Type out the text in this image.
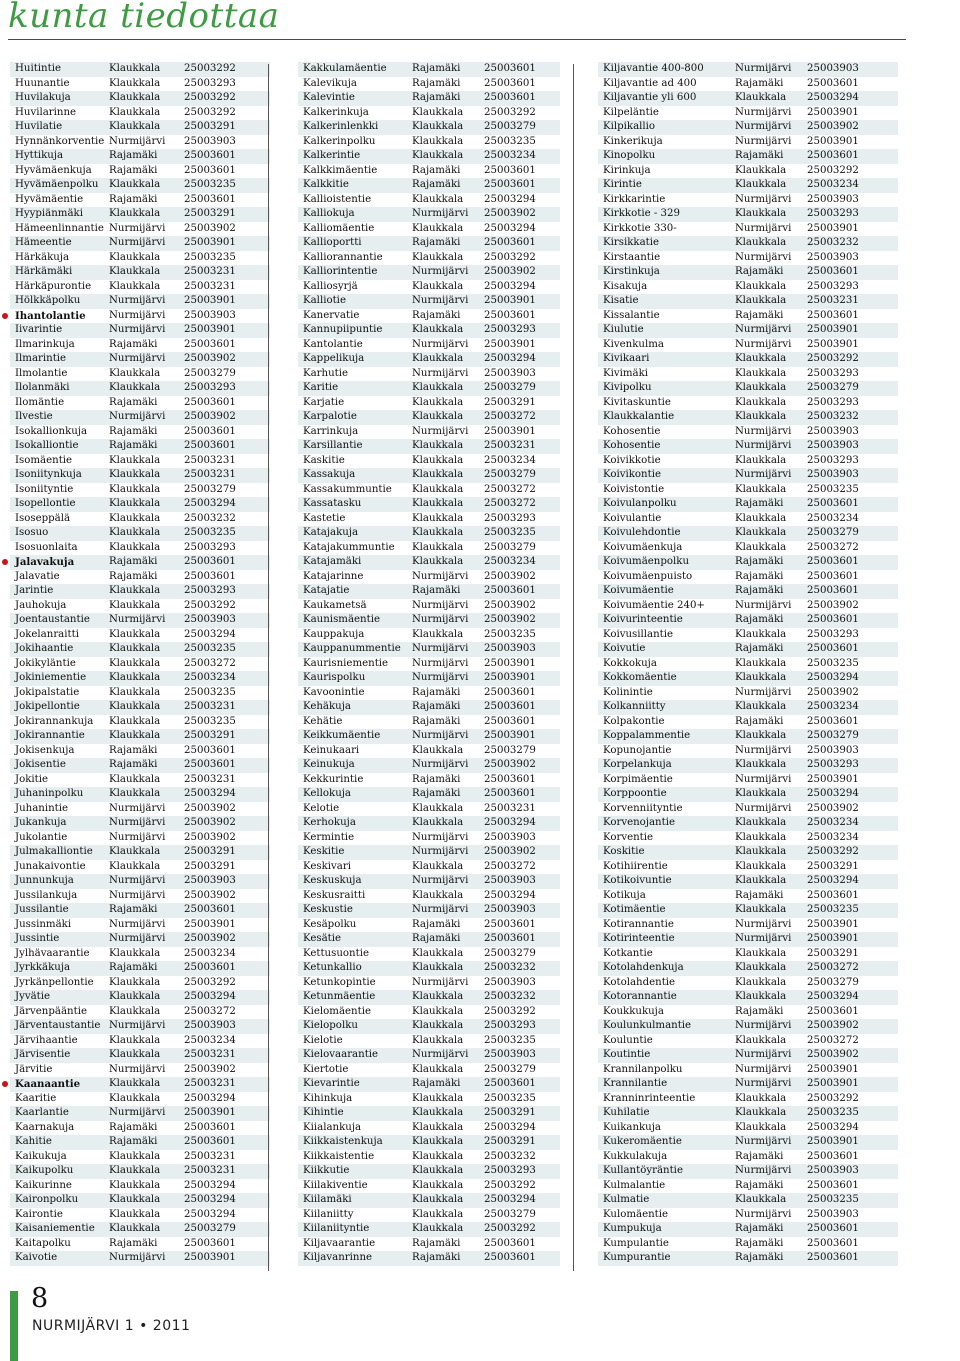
kunta tiedottaa
Huitintie	Klaukkala 25003292
Huunantie	Klaukkala 25003293
Huvilakuja	Klaukkala 25003292
Huvilarinne	Klaukkala 25003292
Huvilatie	Klaukkala 25003291
Hynnänkorventie Nurmijärvi 25003903
Hyttikuja	Rajamäki	25003601
Hyvämäenkuja Rajamäki	25003601
Hyvämäenpolku Klaukkala 25003235
Hyvämäentie	Rajamäki	25003601
Hyypiänmäki	Klaukkala 25003291
Hämeenlinnantie Nurmijärvi 25003902
Hämeentie	Nurmijärvi 25003901
Härkäkuja	Klaukkala 25003235
Härkämäki	Klaukkala 25003231
Härkäpurontie Klaukkala 25003231
Hölkkäpolku	Nurmijärvi 25003901
Ihantolantie Nurmijärvi 25003903
Iivarintie	Nurmijärvi 25003901
Ilmarinkuja	Rajamäki	25003601
Ilmarintie	Nurmijärvi 25003902
Ilmolantie	Klaukkala 25003279
Ilolanmäki	Klaukkala 25003293
Ilomäntie	Rajamäki	25003601
Ilvestie	Nurmijärvi 25003902
Isokallionkuja Rajamäki	25003601
Isokalliontie	Rajamäki	25003601
Isomäentie	Klaukkala 25003231
Isoniitynkuja	Klaukkala 25003231
Isoniityntie	Klaukkala 25003279
Isopellontie	Klaukkala 25003294
Isoseppälä	Klaukkala 25003232
Isosuo	Klaukkala 25003235
Isosuonlaita	Klaukkala 25003293
Jalavakuja	Rajamäki	25003601
Jalavatie	Rajamäki	25003601
Jarintie	Klaukkala 25003293
Jauhokuja	Klaukkala 25003292
Joentaustantie Nurmijärvi 25003903
Jokelanraitti	Klaukkala 25003294
Jokihaantie	Klaukkala 25003235
Jokikyläntie	Klaukkala 25003272
Jokiniementie Klaukkala 25003234
Jokipalstatie	Klaukkala 25003235
Jokipellontie	Klaukkala 25003231
Jokirannankuja Klaukkala 25003235
Jokirannantie Klaukkala 25003291
Jokisenkuja	Rajamäki	25003601
Jokisentie	Rajamäki	25003601
Jokitie	Klaukkala 25003231
Juhaninpolku	Klaukkala 25003294
Juhanintie	Nurmijärvi 25003902
Jukankuja	Nurmijärvi 25003902
Jukolantie	Nurmijärvi 25003902
Julmakalliontie Klaukkala 25003291
Junakaivontie Klaukkala 25003291
Junnunkuja	Nurmijärvi 25003903
Jussilankuja	Nurmijärvi 25003902
Jussilantie	Rajamäki	25003601
Jussinmäki	Nurmijärvi 25003901
Jussintie	Nurmijärvi 25003902
Jylhävaarantie Klaukkala 25003234
Jyrkkäkuja	Rajamäki	25003601
Jyrkänpellontie Klaukkala 25003292
Jyvätie	Klaukkala 25003294
Järvenpääntie Klaukkala 25003272
Järventaustantie Nurmijärvi 25003903
Järvihaantie	Klaukkala 25003234
Järvisentie	Klaukkala 25003231
Järvitie	Nurmijärvi 25003902
Kaanaantie	Klaukkala 25003231
Kaaritie	Klaukkala 25003294
Kaarlantie	Nurmijärvi 25003901
Kaarnakuja	Rajamäki	25003601
Kahitie	Rajamäki	25003601
Kaikukuja	Klaukkala 25003231
Kaikupolku	Klaukkala 25003231
Kaikurinne	Klaukkala 25003294
Kaironpolku	Klaukkala 25003294
Kairontie	Klaukkala 25003294
Kaisaniementie Klaukkala 25003279
Kaitapolku	Rajamäki	25003601
Kaivotie	Nurmijärvi 25003901
Kakkulamäentie Rajamäki 25003601
Kalevikuja	Rajamäki 25003601
Kalevintie	Rajamäki 25003601
Kalkerinkuja	Klaukkala 25003292
Kalkerinlenkki	Klaukkala 25003279
Kalkerinpolku	Klaukkala 25003235
Kalkerintie	Klaukkala 25003234
Kalkkimäentie	Rajamäki 25003601
Kalkkitie	Rajamäki 25003601
Kallioistentie	Klaukkala 25003294
Kalliokuja	Nurmijärvi 25003902
Kalliomäentie	Klaukkala 25003294
Kallioportti	Rajamäki 25003601
Kalliorannantie	Klaukkala 25003292
Kalliorintentie	Nurmijärvi 25003902
Kalliosyrjä	Klaukkala 25003294
Kalliotie	Nurmijärvi 25003901
Kanervatie	Rajamäki 25003601
Kannupiipuntie	Klaukkala 25003293
Kantolantie	Nurmijärvi 25003901
Kappelikuja	Klaukkala 25003294
Karhutie	Nurmijärvi 25003903
Karitie	Klaukkala 25003279
Karjatie	Klaukkala 25003291
Karpalotie	Klaukkala 25003272
Karrinkuja	Nurmijärvi 25003901
Karsillantie	Klaukkala 25003231
Kaskitie	Klaukkala 25003234
Kassakuja	Klaukkala 25003279
Kassakummuntie Klaukkala 25003272
Kassatasku	Klaukkala 25003272
Kastetie	Klaukkala 25003293
Katajakuja	Klaukkala 25003235
Katajakummuntie Klaukkala 25003279
Katajamäki	Klaukkala 25003234
Katajarinne	Nurmijärvi 25003902
Katajatie	Rajamäki 25003601
Kaukametsä	Nurmijärvi 25003902
Kaunismäentie	Nurmijärvi 25003902
Kauppakuja	Klaukkala 25003235
Kauppanummentie Nurmijärvi 25003903
Kaurisniementie Nurmijärvi 25003901
Kaurispolku	Nurmijärvi 25003901
Kavoonintie	Rajamäki 25003601
Kehäkuja	Rajamäki 25003601
Kehätie	Rajamäki 25003601
Keikkumäentie	Nurmijärvi 25003901
Keinukaari	Klaukkala 25003279
Keinukuja	Nurmijärvi 25003902
Kekkurintie	Rajamäki 25003601
Kellokuja	Rajamäki 25003601
Kelotie	Klaukkala 25003231
Kerhokuja	Klaukkala 25003294
Kermintie	Nurmijärvi 25003903
Keskitie	Nurmijärvi 25003902
Keskivari	Klaukkala 25003272
Keskuskuja	Nurmijärvi 25003903
Keskusraitti	Klaukkala 25003294
Keskustie	Nurmijärvi 25003903
Kesäpolku	Rajamäki 25003601
Kesätie	Rajamäki 25003601
Kettusuontie	Klaukkala 25003279
Ketunkallio	Klaukkala 25003232
Ketunkopintie	Nurmijärvi 25003903
Ketunmäentie	Klaukkala 25003232
Kielomäentie	Klaukkala 25003292
Kielopolku	Klaukkala 25003293
Kielotie	Klaukkala 25003235
Kielovaarantie	Nurmijärvi 25003903
Kiertotie	Klaukkala 25003279
Kievarintie	Rajamäki 25003601
Kihinkuja	Klaukkala 25003235
Kihintie	Klaukkala 25003291
Kiialankuja	Klaukkala 25003294
Kiikkaistenkuja	Klaukkala 25003291
Kiikkaistentie	Klaukkala 25003232
Kiikkutie	Klaukkala 25003293
Kiilakiventie	Klaukkala 25003292
Kiilamäki	Klaukkala 25003294
Kiilaniitty	Klaukkala 25003279
Kiilaniityntie	Klaukkala 25003292
Kiljavaarantie	Rajamäki 25003601
Kiljavanrinne	Rajamäki 25003601
Kiljavantie 400-800	Nurmijärvi 25003903
Kiljavantie ad 400	Rajamäki 25003601
Kiljavantie yli 600	Klaukkala 25003294
Kilpeläntie	Nurmijärvi 25003901
Kilpikallio	Nurmijärvi 25003902
Kinkerikuja	Nurmijärvi 25003901
Kinopolku	Rajamäki 25003601
Kirinkuja	Klaukkala 25003292
Kirintie	Klaukkala 25003234
Kirkkarintie	Nurmijärvi 25003903
Kirkkotie - 329	Klaukkala 25003293
Kirkkotie 330-	Nurmijärvi 25003901
Kirsikkatie	Klaukkala 25003232
Kirstaantie	Nurmijärvi 25003903
Kirstinkuja	Rajamäki 25003601
Kisakuja	Klaukkala 25003293
Kisatie	Klaukkala 25003231
Kissalantie	Rajamäki 25003601
Kiulutie	Nurmijärvi 25003901
Kivenkulma	Nurmijärvi 25003901
Kivikaari	Klaukkala 25003292
Kivimäki	Klaukkala 25003293
Kivipolku	Klaukkala 25003279
Kivitaskuntie	Klaukkala 25003293
Klaukkalantie	Klaukkala 25003232
Kohosentie	Nurmijärvi 25003903
Kohosentie	Nurmijärvi 25003903
Koivikkotie	Klaukkala 25003293
Koivikontie	Nurmijärvi 25003903
Koivistontie	Klaukkala 25003235
Koivulanpolku	Rajamäki 25003601
Koivulantie	Klaukkala 25003234
Koivulehdontie	Klaukkala 25003279
Koivumäenkuja	Klaukkala 25003272
Koivumäenpolku	Rajamäki 25003601
Koivumäenpuisto	Rajamäki 25003601
Koivumäentie	Rajamäki 25003601
Koivumäentie 240+	Nurmijärvi 25003902
Koivurinteentie	Rajamäki 25003601
Koivusillantie	Klaukkala 25003293
Koivutie	Rajamäki 25003601
Kokkokuja	Klaukkala 25003235
Kokkomäentie	Klaukkala 25003294
Kolinintie	Nurmijärvi 25003902
Kolkanniitty	Klaukkala 25003234
Kolpakontie	Rajamäki 25003601
Koppalammentie	Klaukkala 25003279
Kopunojantie	Nurmijärvi 25003903
Korpelankuja	Klaukkala 25003293
Korpimäentie	Nurmijärvi 25003901
Korppoontie	Klaukkala 25003294
Korvenniityntie	Nurmijärvi 25003902
Korvenojantie	Klaukkala 25003234
Korventie	Klaukkala 25003234
Koskitie	Klaukkala 25003292
Kotihiirentie	Klaukkala 25003291
Kotikoivuntie	Klaukkala 25003294
Kotikuja	Rajamäki 25003601
Kotimäentie	Klaukkala 25003235
Kotirannantie	Nurmijärvi 25003901
Kotirinteentie	Nurmijärvi 25003901
Kotkantie	Klaukkala 25003291
Kotolahdenkuja	Klaukkala 25003272
Kotolahdentie	Klaukkala 25003279
Kotorannantie	Klaukkala 25003294
Koukkukuja	Rajamäki 25003601
Koulunkulmantie	Nurmijärvi 25003902
Kouluntie	Klaukkala 25003272
Koutintie	Nurmijärvi 25003902
Krannilanpolku	Nurmijärvi 25003901
Krannilantie	Nurmijärvi 25003901
Kranninrinteentie	Klaukkala 25003292
Kuhilatie	Klaukkala 25003235
Kuikankuja	Klaukkala 25003294
Kukeromäentie	Nurmijärvi 25003901
Kukkulakuja	Rajamäki 25003601
Kullantöyräntie	Nurmijärvi 25003903
Kulmalantie	Rajamäki 25003601
Kulmatie	Klaukkala 25003235
Kulomäentie	Nurmijärvi 25003903
Kumpukuja	Rajamäki 25003601
Kumpulantie	Rajamäki 25003601
Kumpurantie	Rajamäki 25003601
8
NURMIJÄRVI 1 • 2011
